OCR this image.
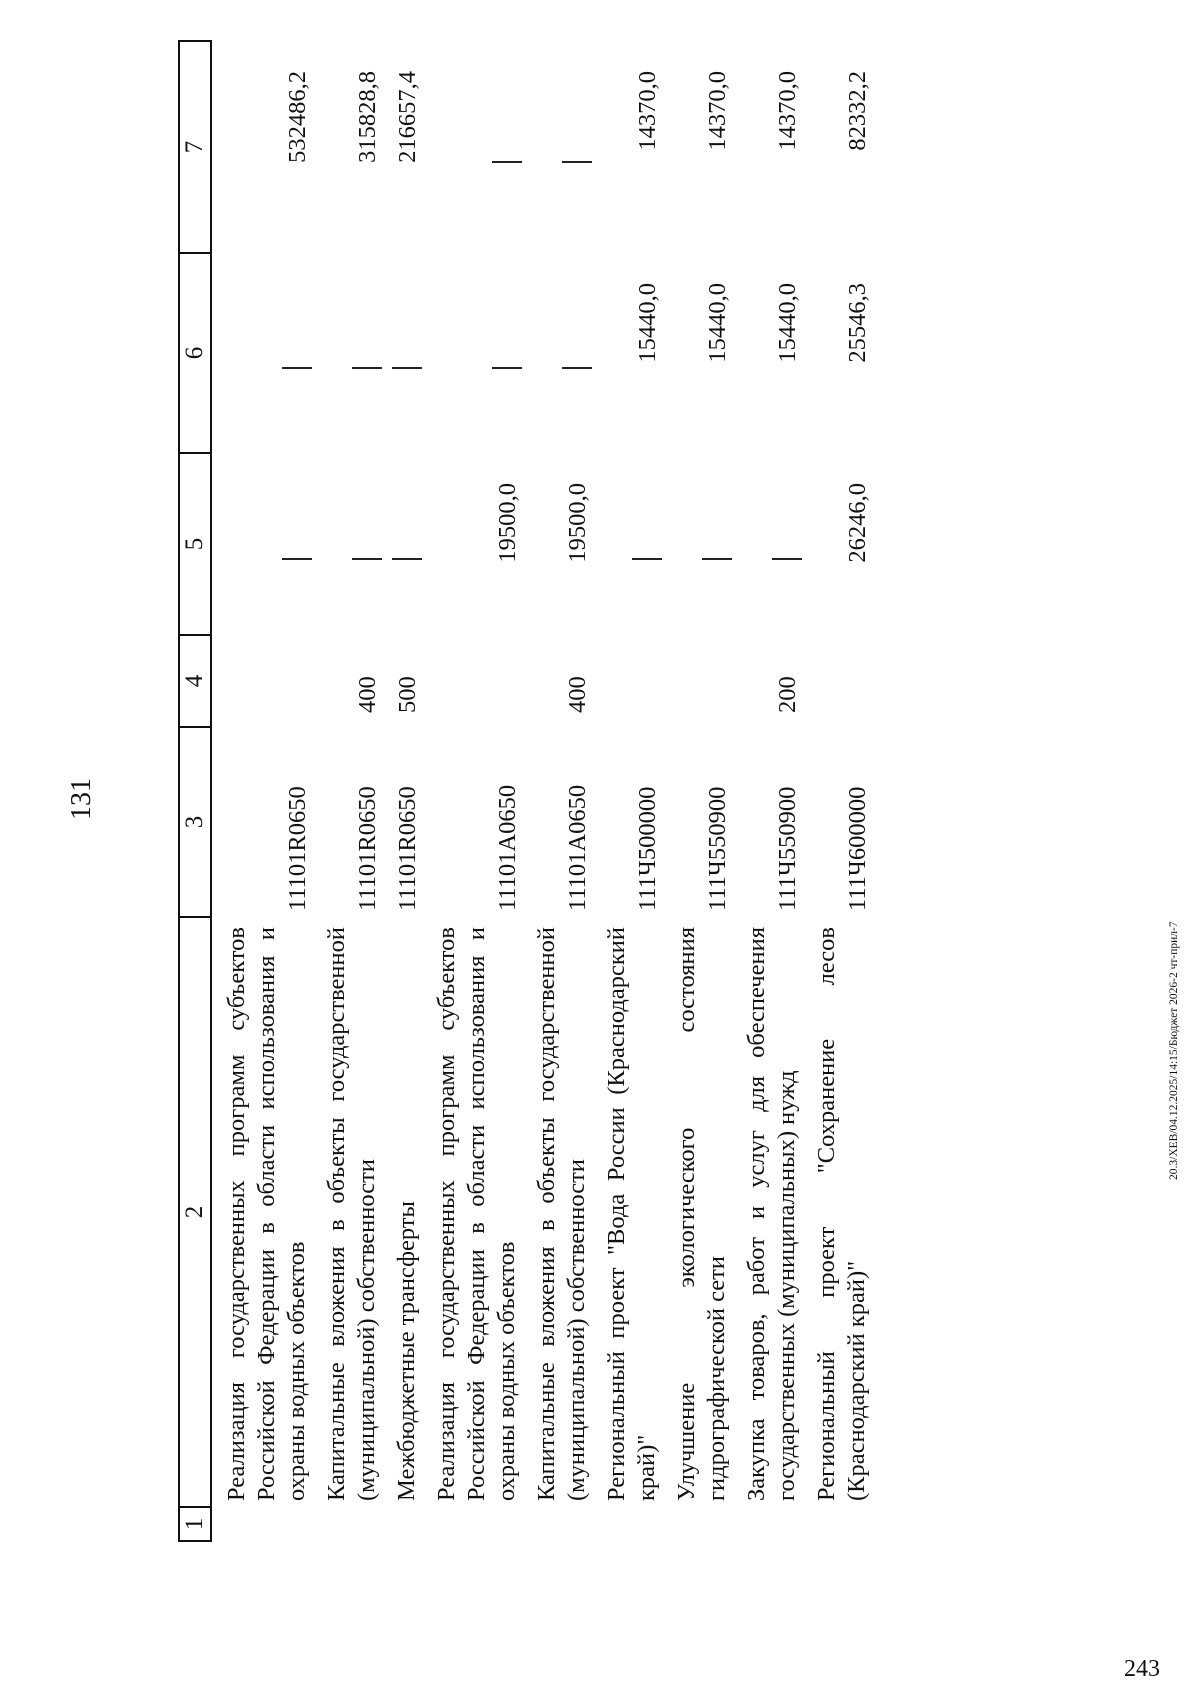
131
1	2	3	4	5	6	7
	Реализация государственных программ субъектов Российской Федерации в области использования и охраны водных объектов	11101R0650				532486,2
	Капитальные вложения в объекты государственной (муниципальной) собственности	11101R0650	400			315828,8
	Межбюджетные трансферты	11101R0650	500			216657,4
	Реализация государственных программ субъектов Российской Федерации в области использования и охраны водных объектов	11101А0650		19500,0		
	Капитальные вложения в объекты государственной (муниципальной) собственности	11101А0650	400	19500,0		
	Региональный проект "Вода России (Краснодарский край)"	111Ч500000			15440,0	14370,0
	Улучшение экологического состояния гидрографической сети	111Ч550900			15440,0	14370,0
	Закупка товаров, работ и услуг для обеспечения государственных (муниципальных) нужд	111Ч550900	200		15440,0	14370,0
	Региональный проект "Сохранение лесов (Краснодарский край)"	111Ч600000		26246,0	25546,3	82332,2
20.3/ХЕВ/04.12.2025/14:15/Бюджет 2026-2 чт-прил-7
243
